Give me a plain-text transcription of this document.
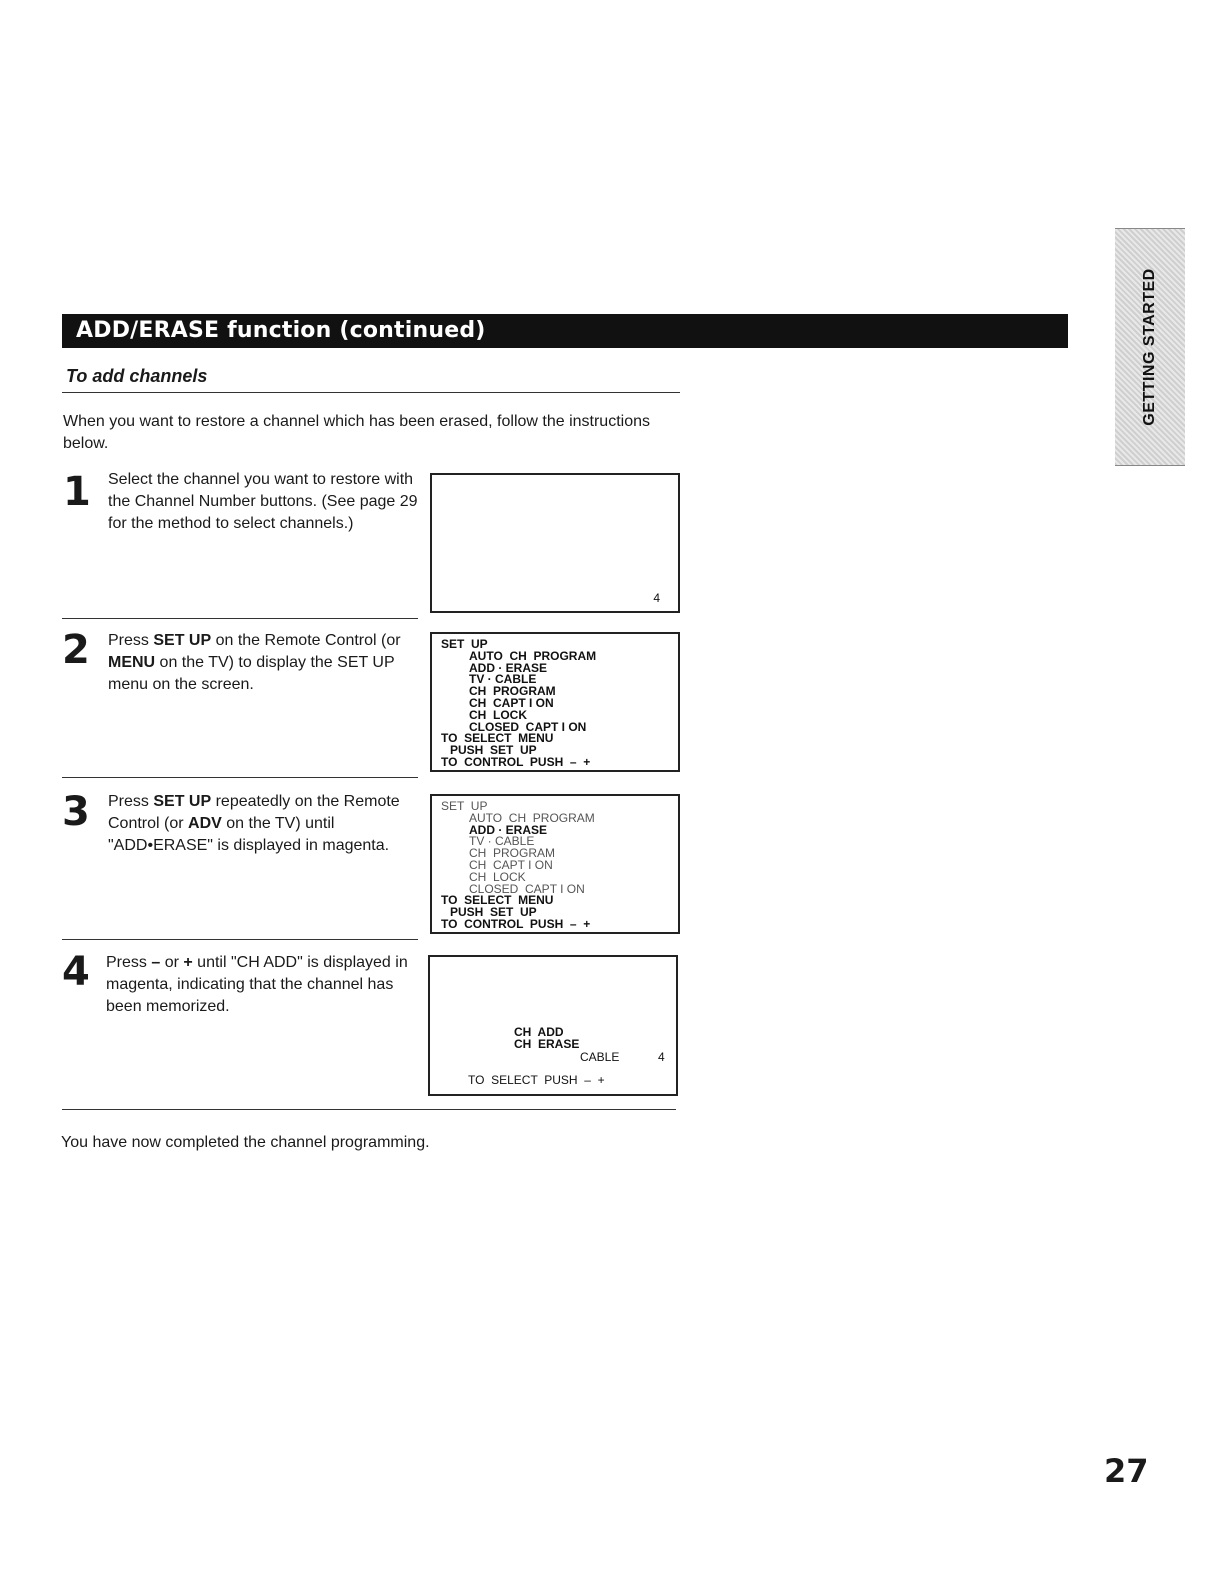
GETTING STARTED
ADD/ERASE function (continued)
To add channels
When you want to restore a channel which has been erased, follow the instructions below.
1 Select the channel you want to restore with the Channel Number buttons. (See page 29 for the method to select channels.)
4
2 Press SET UP on the Remote Control (or MENU on the TV) to display the SET UP menu on the screen.
SET  UP
AUTO  CH  PROGRAM
ADD · ERASE
TV · CABLE
CH  PROGRAM
CH  CAPT I ON
CH  LOCK
CLOSED  CAPT I ON
TO  SELECT  MENU
PUSH  SET  UP
TO  CONTROL  PUSH  –  +
3 Press SET UP repeatedly on the Remote Control (or ADV on the TV) until "ADD•ERASE" is displayed in magenta.
SET  UP
AUTO  CH  PROGRAM
ADD · ERASE
TV · CABLE
CH  PROGRAM
CH  CAPT I ON
CH  LOCK
CLOSED  CAPT I ON
TO  SELECT  MENU
PUSH  SET  UP
TO  CONTROL  PUSH  –  +
4 Press – or + until "CH ADD" is displayed in magenta, indicating that the channel has been memorized.
CH  ADD
CH  ERASE
CABLE	4
TO  SELECT  PUSH  –  +
You have now completed the channel programming.
27
